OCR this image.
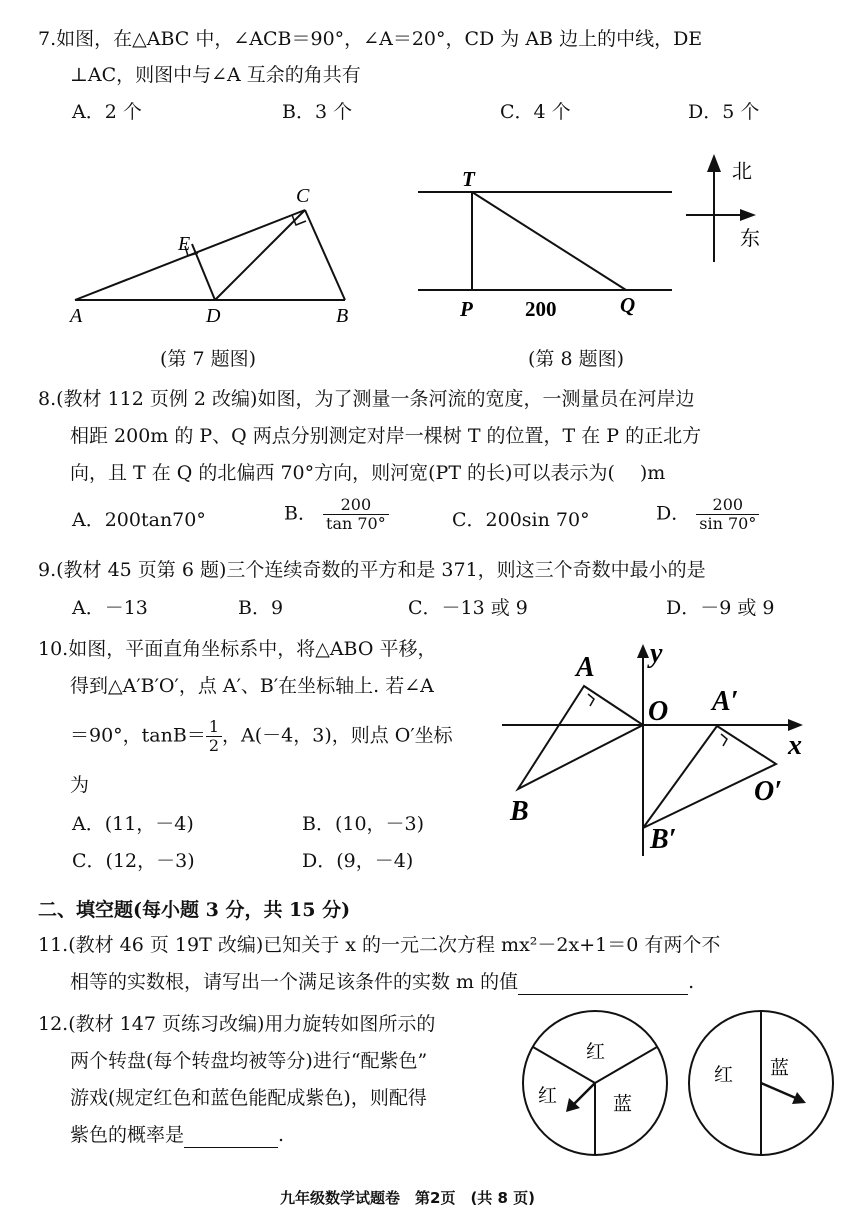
7.如图，在△ABC 中，∠ACB＝90°，∠A＝20°，CD 为 AB 边上的中线，DE
⊥AC，则图中与∠A 互余的角共有
A．2 个	B．3 个	C．4 个	D．5 个
A	B
C
D
E
(第 7 题图)
T
P	Q
200
北
东
(第 8 题图)
8.(教材 112 页例 2 改编)如图，为了测量一条河流的宽度，一测量员在河岸边
相距 200m 的 P、Q 两点分别测定对岸一棵树 T 的位置，T 在 P 的正北方
向，且 T 在 Q 的北偏西 70°方向，则河宽(PT 的长)可以表示为(　 )m
A．200tan70°	B． $\frac{200}{\tan 70^\circ}$	C．200sin 70°	D． $\frac{200}{\sin 70^\circ}$
9.(教材 45 页第 6 题)三个连续奇数的平方和是 371，则这三个奇数中最小的是
A．－13	B．9	C．－13 或 9	D．－9 或 9
10.如图，平面直角坐标系中，将△ABO 平移，
得到△A′B′O′，点 A′、B′在坐标轴上. 若∠A
＝90°，$\tan B= \frac{1}{2}$ ，A(－4，3)，则点 O′坐标
为
A．(11，－4)	B．(10，－3)
C．(12，－3)	D．(9，－4)
A
B
O
y
x
A′
B′
O′
二、填空题(每小题 3 分，共 15 分)
11.(教材 46 页 19T 改编)已知关于 x 的一元二次方程 mx²－2x+1＝0 有两个不
相等的实数根，请写出一个满足该条件的实数 m 的值	.
12.(教材 147 页练习改编)用力旋转如图所示的
两个转盘(每个转盘均被等分)进行“配紫色”
游戏(规定红色和蓝色能配成紫色)，则配得
紫色的概率是	.
红
红	蓝
红 蓝
九年级数学试题卷　第2页　(共 8 页)
